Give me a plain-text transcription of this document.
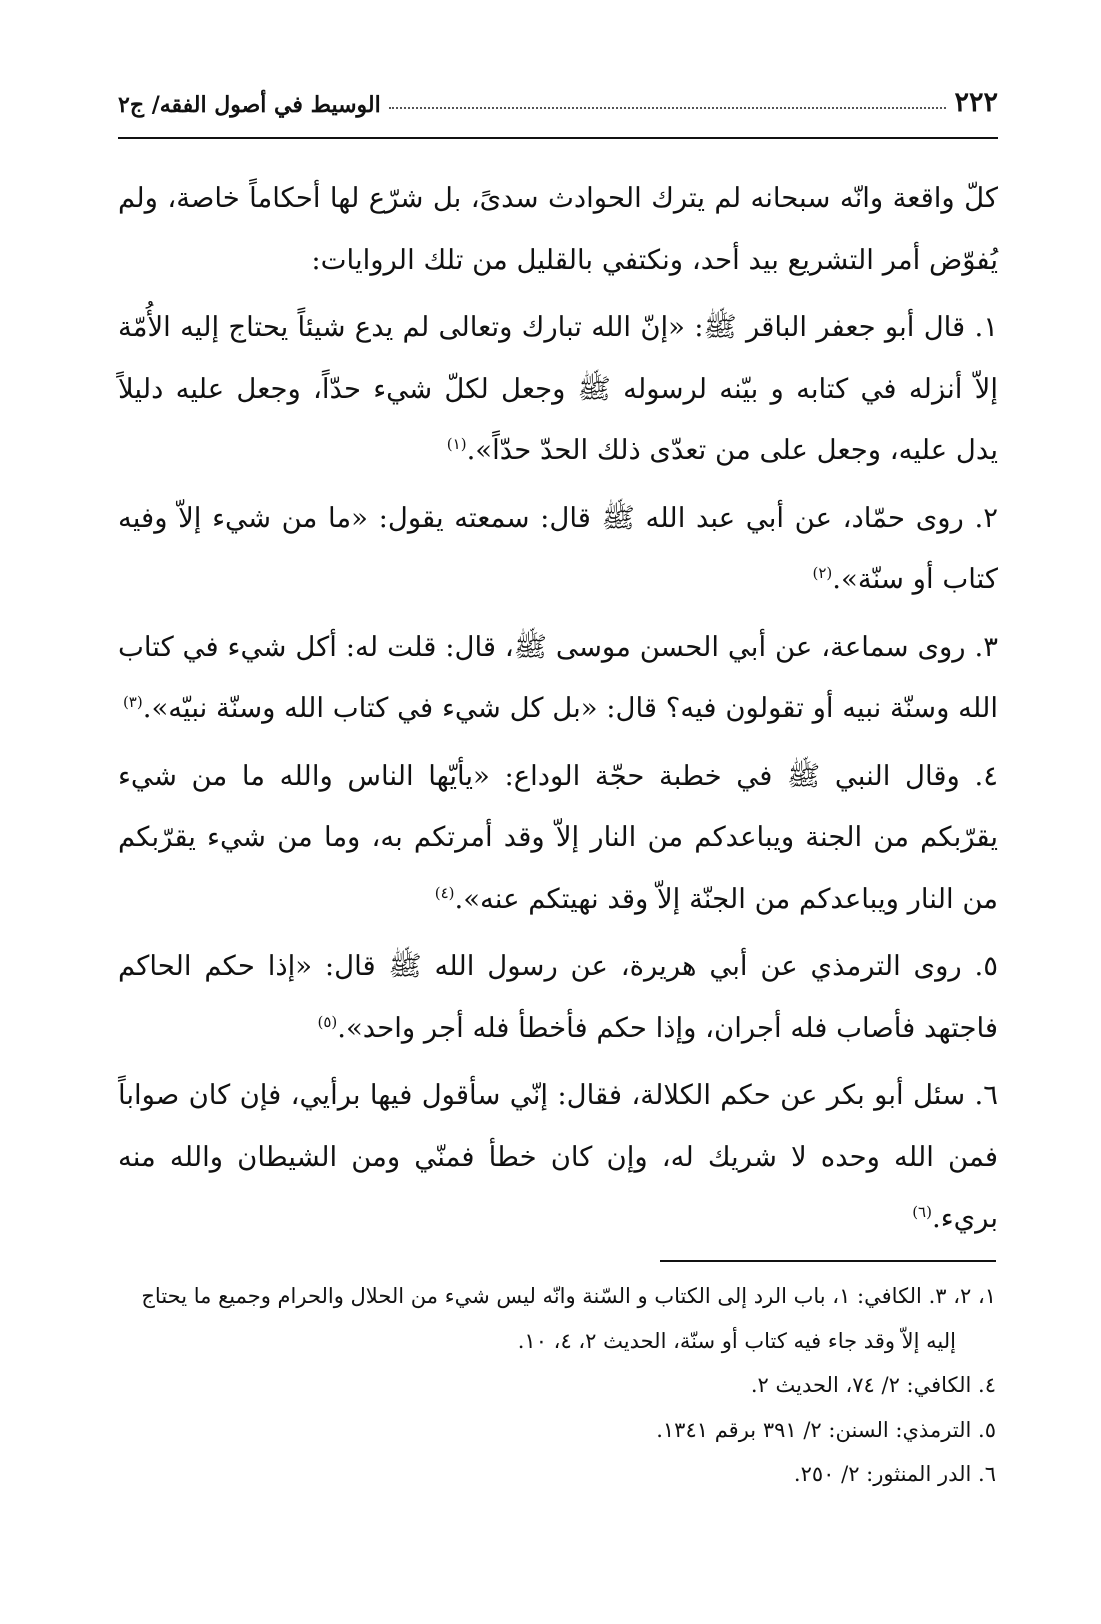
٢٢٢
الوسيط في أصول الفقه/ ج٢

كلّ واقعة وانّه سبحانه لم يترك الحوادث سدىً، بل شرّع لها أحكاماً خاصة، ولم يُفوّض أمر التشريع بيد أحد، ونكتفي بالقليل من تلك الروايات:

١. قال أبو جعفر الباقر ﷺ: «إنّ الله تبارك وتعالى لم يدع شيئاً يحتاج إليه الأُمّة إلاّ أنزله في كتابه و بيّنه لرسوله ﷺ وجعل لكلّ شيء حدّاً، وجعل عليه دليلاً يدل عليه، وجعل على من تعدّى ذلك الحدّ حدّاً».$^{(١)}$

٢. روى حمّاد، عن أبي عبد الله ﷺ قال: سمعته يقول: «ما من شيء إلاّ وفيه كتاب أو سنّة».$^{(٢)}$

٣. روى سماعة، عن أبي الحسن موسى ﷺ، قال: قلت له: أكل شيء في كتاب الله وسنّة نبيه أو تقولون فيه؟ قال: «بل كل شيء في كتاب الله وسنّة نبيّه».$^{(٣)}$

٤. وقال النبي ﷺ في خطبة حجّة الوداع: «يأيّها الناس والله ما من شيء يقرّبكم من الجنة ويباعدكم من النار إلاّ وقد أمرتكم به، وما من شيء يقرّبكم من النار ويباعدكم من الجنّة إلاّ وقد نهيتكم عنه».$^{(٤)}$

٥. روى الترمذي عن أبي هريرة، عن رسول الله ﷺ قال: «إذا حكم الحاكم فاجتهد فأصاب فله أجران، وإذا حكم فأخطأ فله أجر واحد».$^{(٥)}$

٦. سئل أبو بكر عن حكم الكلالة، فقال: إنّي سأقول فيها برأيي، فإن كان صواباً فمن الله وحده لا شريك له، وإن كان خطأ فمنّي ومن الشيطان والله منه بريء.$^{(٦)}$

١، ٢، ٣. الكافي: ١، باب الرد إلى الكتاب و السّنة وانّه ليس شيء من الحلال والحرام وجميع ما يحتاج

إليه إلاّ وقد جاء فيه كتاب أو سنّة، الحديث ٢، ٤، ١٠.

٤. الكافي: ٢/ ٧٤، الحديث ٢.

٥. الترمذي: السنن: ٢/ ٣٩١ برقم ١٣٤١.

٦. الدر المنثور: ٢/ ٢٥٠.
